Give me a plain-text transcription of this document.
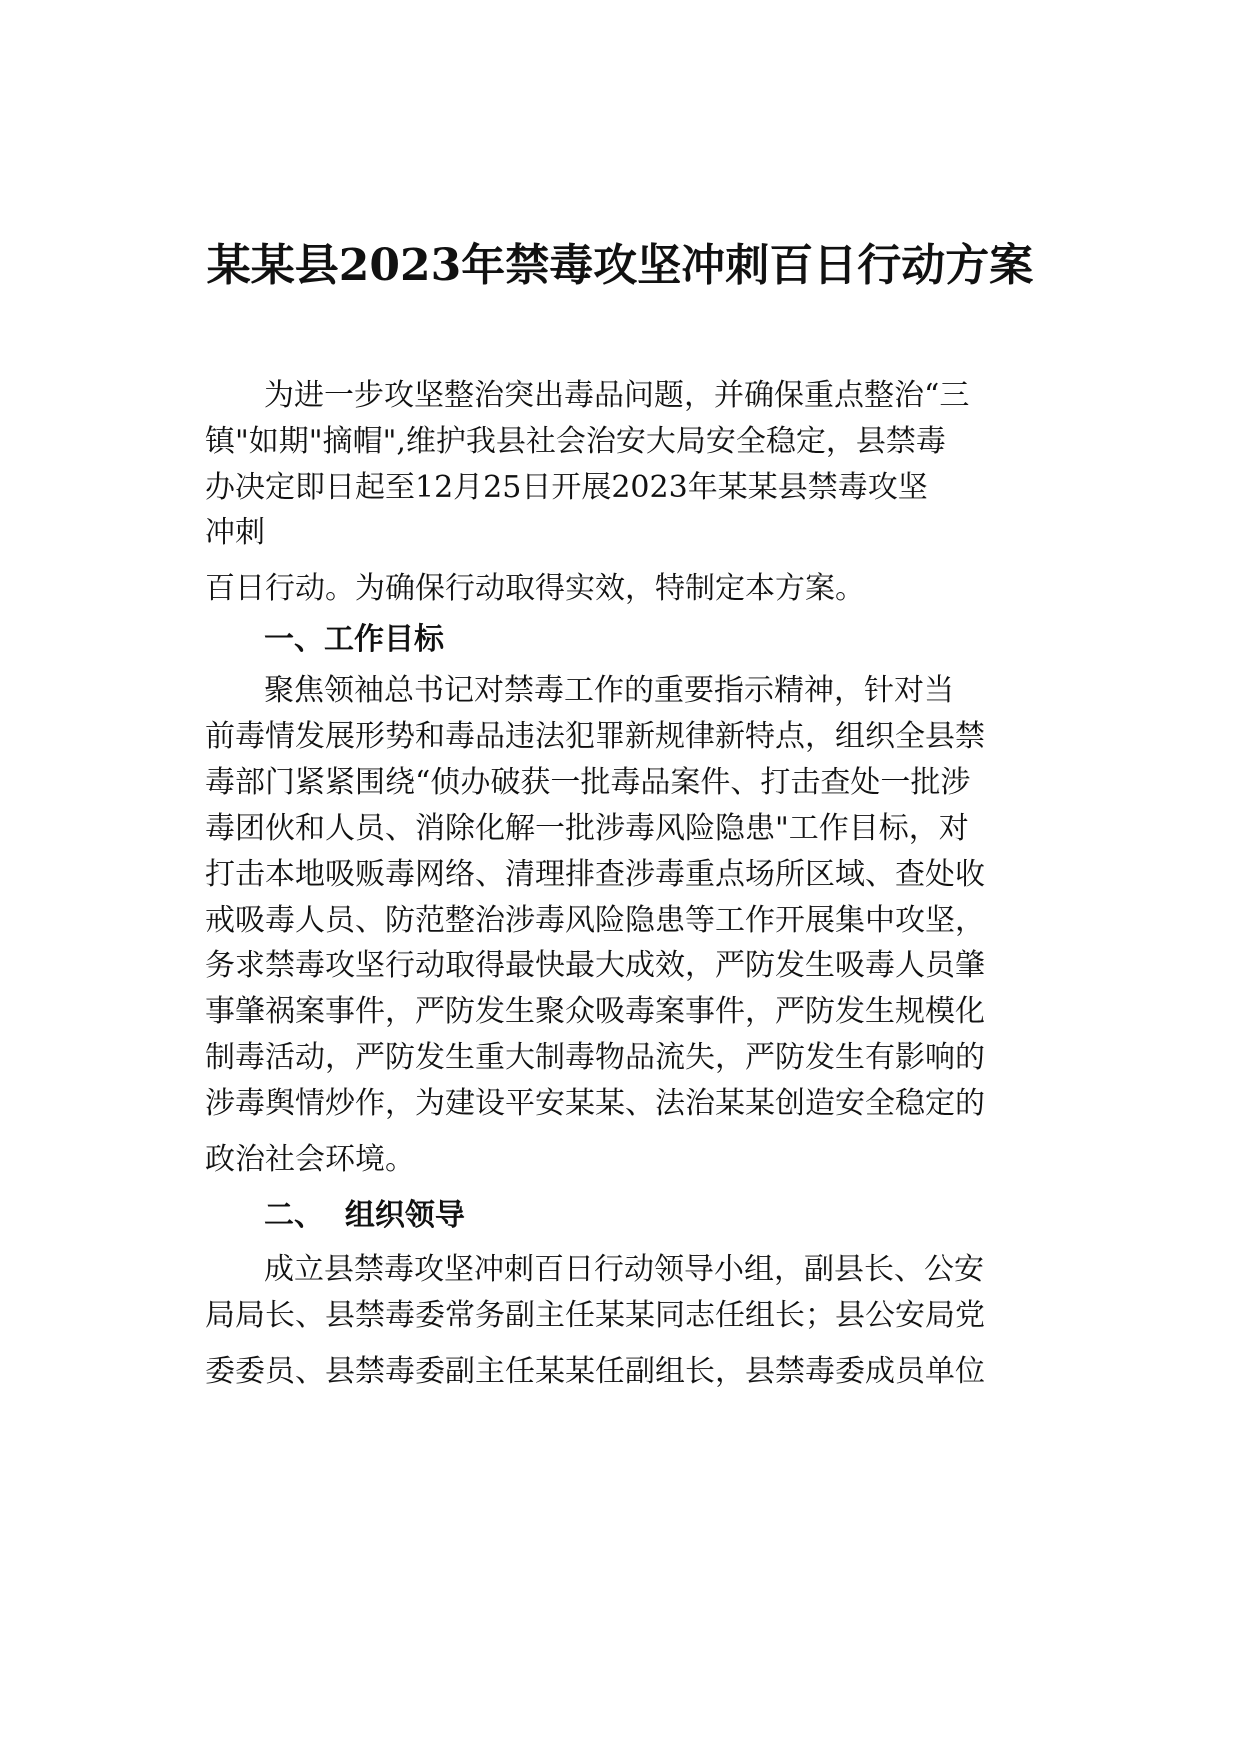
某某县2023年禁毒攻坚冲刺百日行动方案

为进一步攻坚整治突出毒品问题，并确保重点整治“三

镇"如期"摘帽",维护我县社会治安大局安全稳定，县禁毒

办决定即日起至12月25日开展2023年某某县禁毒攻坚

冲刺

百日行动。为确保行动取得实效，特制定本方案。

一、工作目标

聚焦领袖总书记对禁毒工作的重要指示精神，针对当

前毒情发展形势和毒品违法犯罪新规律新特点，组织全县禁

毒部门紧紧围绕“侦办破获一批毒品案件、打击查处一批涉

毒团伙和人员、消除化解一批涉毒风险隐患"工作目标，对

打击本地吸贩毒网络、清理排查涉毒重点场所区域、查处收

戒吸毒人员、防范整治涉毒风险隐患等工作开展集中攻坚，

务求禁毒攻坚行动取得最快最大成效，严防发生吸毒人员肇

事肇祸案事件，严防发生聚众吸毒案事件，严防发生规模化

制毒活动，严防发生重大制毒物品流失，严防发生有影响的

涉毒舆情炒作，为建设平安某某、法治某某创造安全稳定的

政治社会环境。

二、  组织领导

成立县禁毒攻坚冲刺百日行动领导小组，副县长、公安

局局长、县禁毒委常务副主任某某同志任组长；县公安局党

委委员、县禁毒委副主任某某任副组长，县禁毒委成员单位
